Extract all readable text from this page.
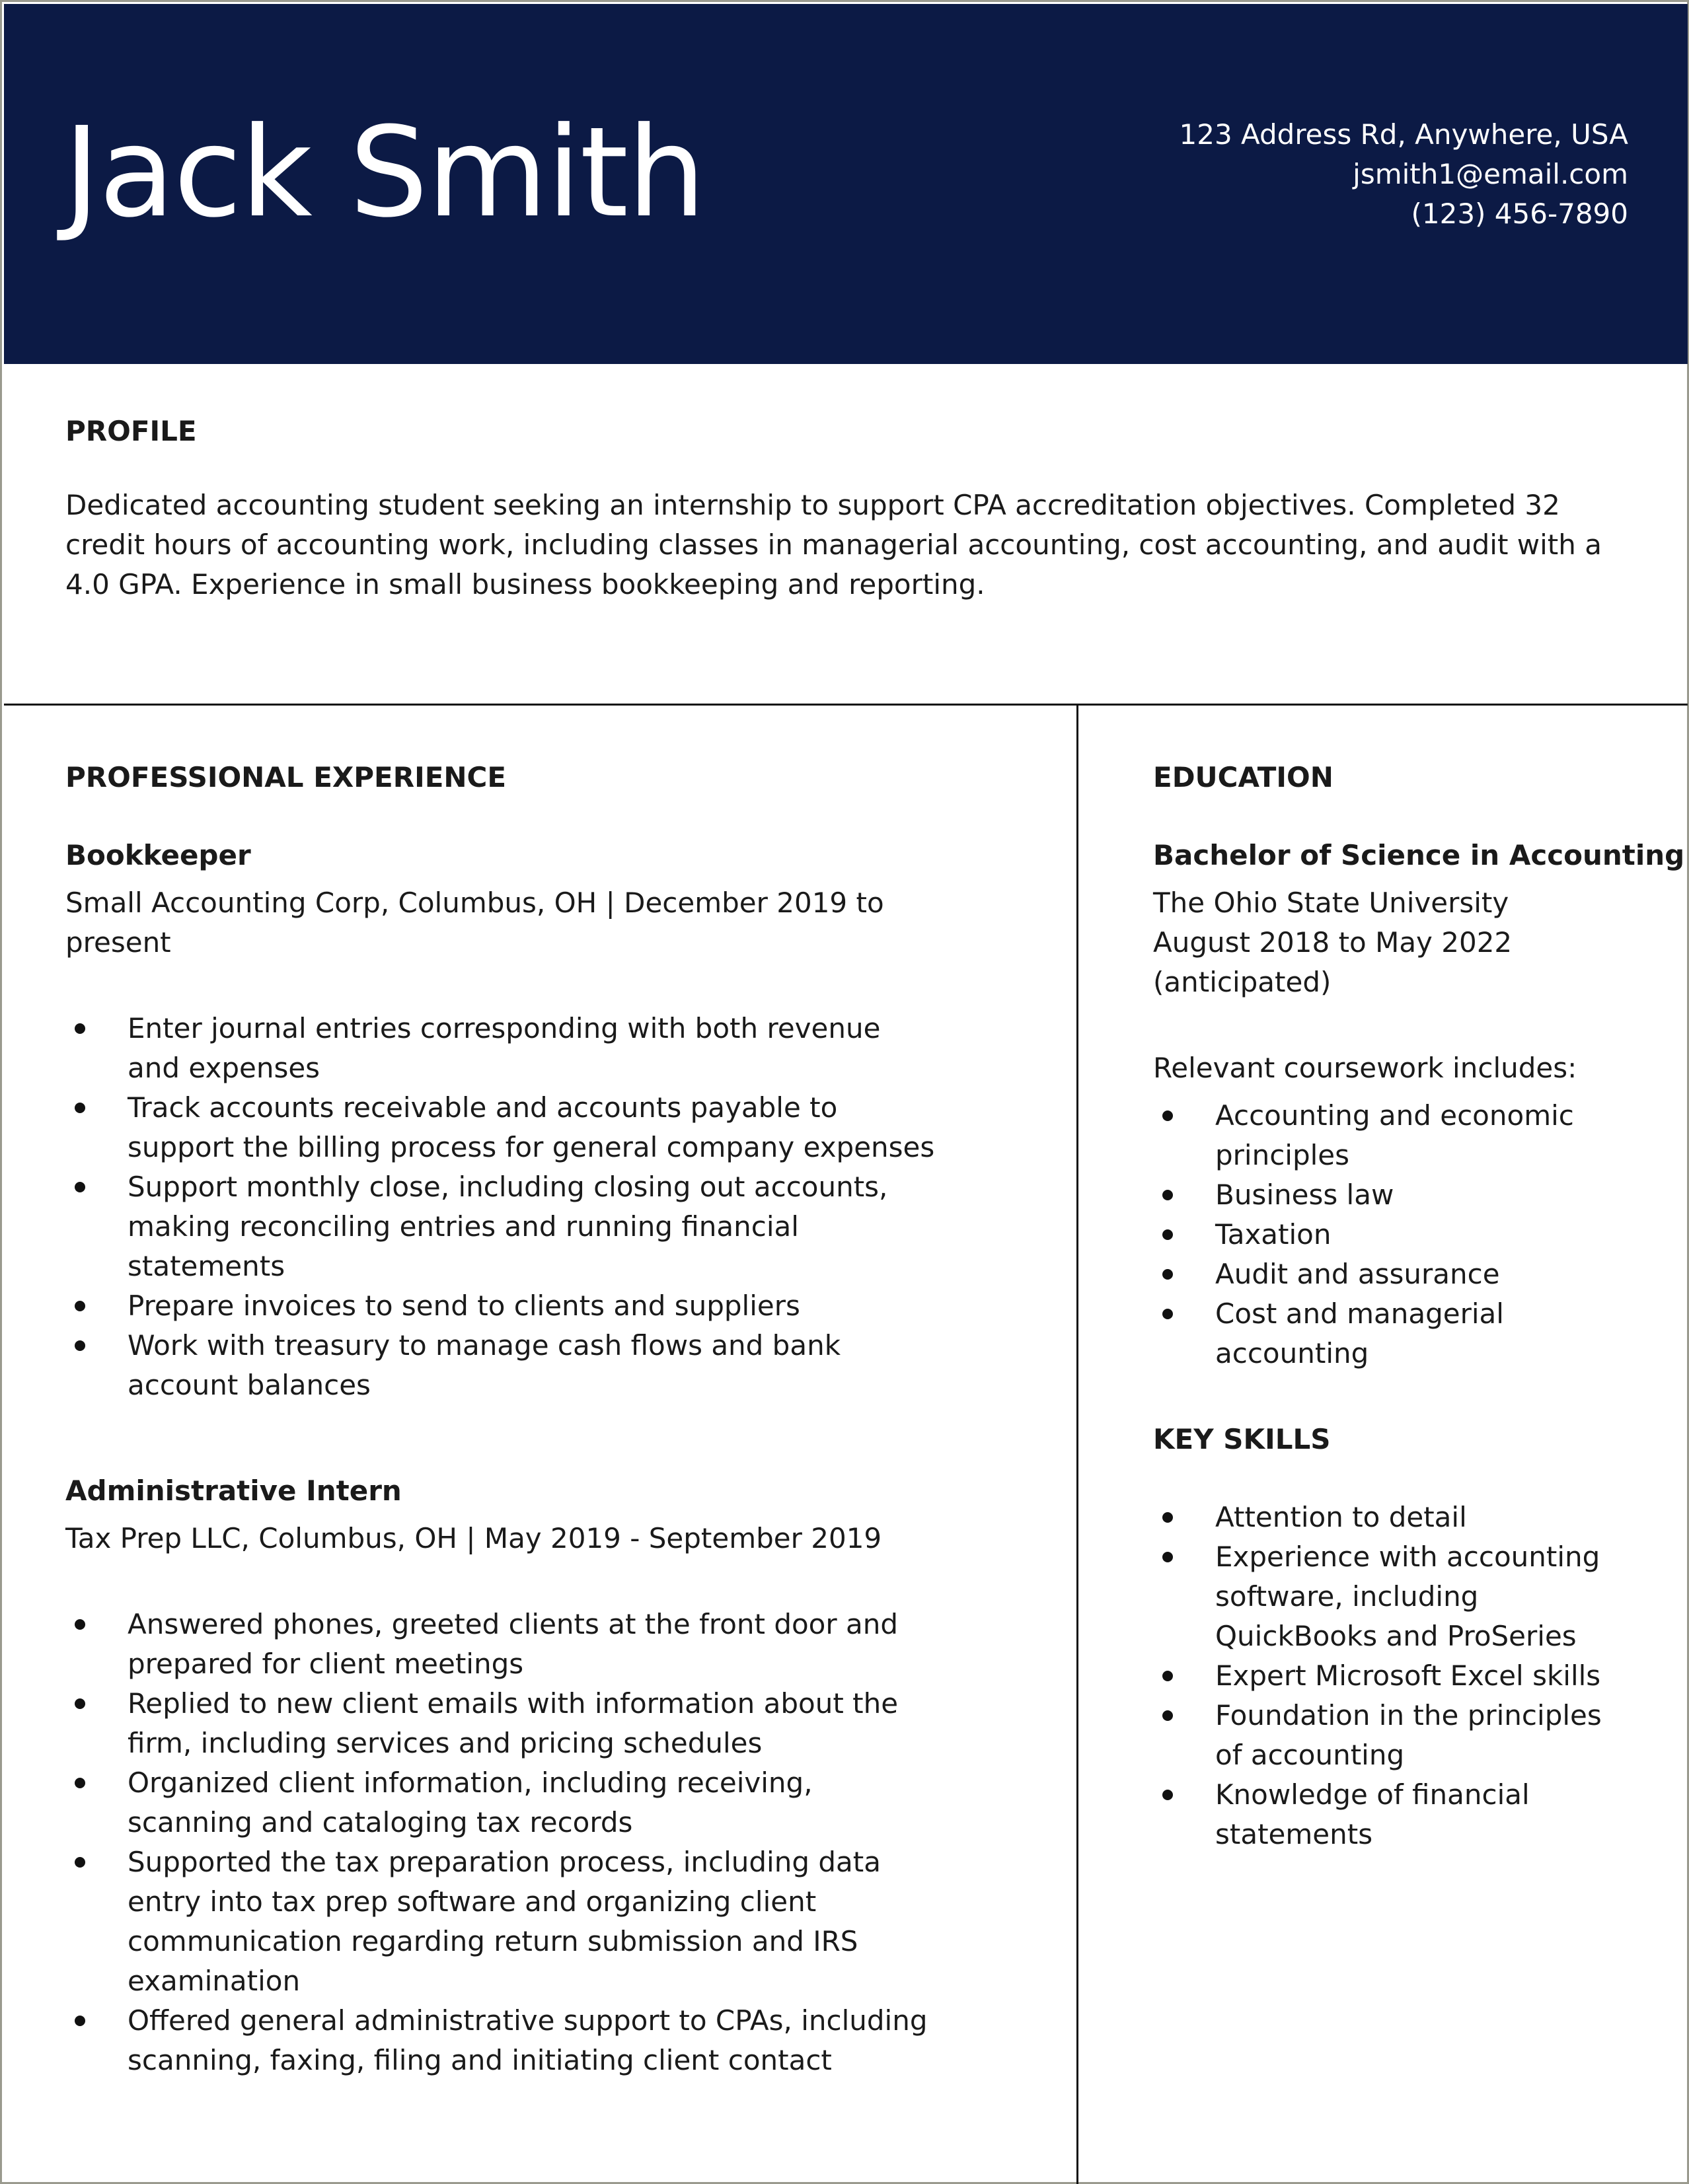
Jack Smith	123 Address Rd, Anywhere, USA
jsmith1@email.com
(123) 456-7890
PROFILE
Dedicated accounting student seeking an internship to support CPA accreditation objectives. Completed 32 credit hours of accounting work, including classes in managerial accounting, cost accounting, and audit with a 4.0 GPA. Experience in small business bookkeeping and reporting.
PROFESSIONAL EXPERIENCE
Bookkeeper
Small Accounting Corp, Columbus, OH | December 2019 to present
Enter journal entries corresponding with both revenue and expenses
Track accounts receivable and accounts payable to support the billing process for general company expenses
Support monthly close, including closing out accounts, making reconciling entries and running financial statements
Prepare invoices to send to clients and suppliers
Work with treasury to manage cash flows and bank account balances
Administrative Intern
Tax Prep LLC, Columbus, OH | May 2019 - September 2019
Answered phones, greeted clients at the front door and prepared for client meetings
Replied to new client emails with information about the firm, including services and pricing schedules
Organized client information, including receiving, scanning and cataloging tax records
Supported the tax preparation process, including data entry into tax prep software and organizing client communication regarding return submission and IRS examination
Offered general administrative support to CPAs, including scanning, faxing, filing and initiating client contact
EDUCATION
Bachelor of Science in Accounting
The Ohio State University
August 2018 to May 2022 (anticipated)
Relevant coursework includes:
Accounting and economic principles
Business law
Taxation
Audit and assurance
Cost and managerial accounting
KEY SKILLS
Attention to detail
Experience with accounting software, including QuickBooks and ProSeries
Expert Microsoft Excel skills
Foundation in the principles of accounting
Knowledge of financial statements
